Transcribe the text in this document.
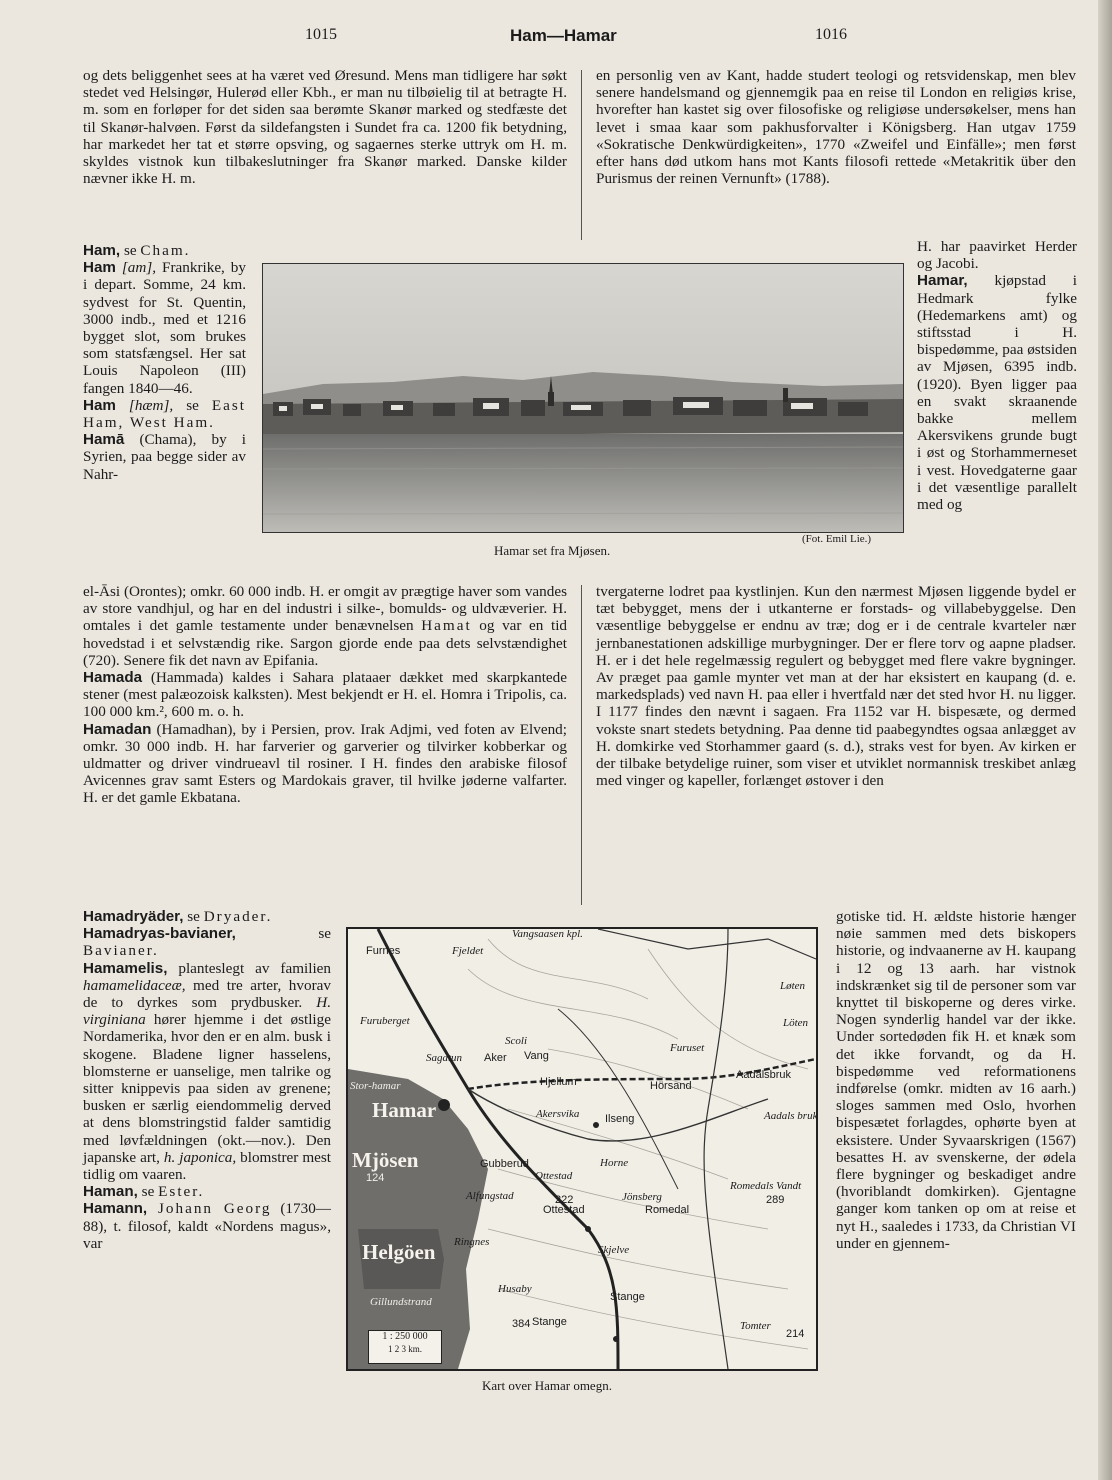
1015	Ham—Hamar	1016

og dets beliggenhet sees at ha været ved Øresund. Mens man tidligere har søkt stedet ved Helsingør, Hulerød eller Kbh., er man nu tilbøielig til at betragte H. m. som en forløper for det siden saa berømte Skanør marked og stedfæste det til Skanør-halvøen. Først da sildefangsten i Sundet fra ca. 1200 fik betydning, har markedet her tat et større opsving, og sagaernes sterke uttryk om H. m. skyldes vistnok kun tilbakeslutninger fra Skanør marked. Danske kilder nævner ikke H. m.

en personlig ven av Kant, hadde studert teologi og retsvidenskap, men blev senere handelsmand og gjennemgik paa en reise til London en religiøs krise, hvorefter han kastet sig over filosofiske og religiøse undersøkelser, mens han levet i smaa kaar som pakhusforvalter i Königsberg. Han utgav 1759 «Sokratische Denkwürdigkeiten», 1770 «Zweifel und Einfälle»; men først efter hans død utkom hans mot Kants filosofi rettede «Metakritik über den Purismus der reinen Vernunft» (1788).

Ham, se Cham.

Ham [am], Frankrike, by i depart. Somme, 24 km. sydvest for St. Quentin, 3000 indb., med et 1216 bygget slot, som brukes som statsfængsel. Her sat Louis Napoleon (III) fangen 1840—46.

Ham [hæm], se East Ham, West Ham.

Hamā (Chama), by i Syrien, paa begge sider av Nahr-

Hamar set fra Mjøsen.
(Fot. Emil Lie.)

H. har paavirket Herder og Jacobi.

Hamar, kjøpstad i Hedmark fylke (Hedemarkens amt) og stiftsstad i H. bispedømme, paa østsiden av Mjøsen, 6395 indb. (1920). Byen ligger paa en svakt skraanende bakke mellem Akersvikens grunde bugt i øst og Storhammerneset i vest. Hovedgaterne gaar i det væsentlige parallelt med og

el-Āsi (Orontes); omkr. 60 000 indb. H. er omgit av prægtige haver som vandes av store vandhjul, og har en del industri i silke-, bomulds- og uldvæverier. H. omtales i det gamle testamente under benævnelsen Hamat og var en tid hovedstad i et selvstændig rike. Sargon gjorde ende paa dets selvstændighet (720). Senere fik det navn av Epifania.

Hamada (Hammada) kaldes i Sahara plataaer dækket med skarpkantede stener (mest palæozoisk kalksten). Mest bekjendt er H. el. Homra i Tripolis, ca. 100 000 km.², 600 m. o. h.

Hamadan (Hamadhan), by i Persien, prov. Irak Adjmi, ved foten av Elvend; omkr. 30 000 indb. H. har farverier og garverier og tilvirker kobberkar og uldmatter og driver vindrueavl til rosiner. I H. findes den arabiske filosof Avicennes grav samt Esters og Mardokais graver, til hvilke jøderne valfarter. H. er det gamle Ekbatana.

tvergaterne lodret paa kystlinjen. Kun den nærmest Mjøsen liggende bydel er tæt bebygget, mens der i utkanterne er forstads- og villabebyggelse. Den væsentlige bebyggelse er endnu av træ; dog er i de centrale kvarteler nær jernbanestationen adskillige murbygninger. Der er flere torv og aapne pladser. H. er i det hele regelmæssig regulert og bebygget med flere vakre bygninger. Av præget paa gamle mynter vet man at der har eksistert en kaupang (d. e. markedsplads) ved navn H. paa eller i hvertfald nær det sted hvor H. nu ligger. I 1177 findes den nævnt i sagaen. Fra 1152 var H. bispesæte, og dermed vokste snart stedets betydning. Paa denne tid paabegyndtes ogsaa anlægget av H. domkirke ved Storhammer gaard (s. d.), straks vest for byen. Av kirken er der tilbake betydelige ruiner, som viser et utviklet normannisk treskibet anlæg med vinger og kapeller, forlænget østover i den

Hamadryäder, se Dryader.

Hamadryas-bavianer, se Bavianer.

Hamamelis, planteslegt av familien hamamelidaceæ, med tre arter, hvorav de to dyrkes som prydbusker. H. virginiana hører hjemme i det østlige Nordamerika, hvor den er en alm. busk i skogene. Bladene ligner hasselens, blomsterne er uanselige, men talrike og sitter knippevis paa siden av grenene; busken er særlig eiendommelig derved at dens blomstringstid falder samtidig med løvfældningen (okt.—nov.). Den japanske art, h. japonica, blomstrer mest tidlig om vaaren.

Haman, se Ester.

Hamann, Johann Georg (1730—88), t. filosof, kaldt «Nordens magus», var

Vangsaasen kpl.
Furnes
Løten
Löten
Furuberget
Scoli
Vang
Aker
Sagatun
Hjellum	Hörsand
Aadalsbruk
Stor-hamar
Hamar	Akersvika Ilseng	Aadals bruk
Mjösen
124
Horne
Gubberud
Ottestad
Romedals Vandt
289
Alfungstad	222	Jönsberg
Ottestad	Romedal
Helgöen Ringnes
Skjelve
Husaby
Stange
Gillundstrand
384 Stange	Tomter
214
Furuset
Fjeldet
1 : 250 000
1 2 3 km.
Kart over Hamar omegn.

gotiske tid. H. ældste historie hænger nøie sammen med dets biskopers historie, og indvaanerne av H. kaupang i 12 og 13 aarh. har vistnok indskrænket sig til de personer som var knyttet til biskoperne og deres virke. Nogen synderlig handel var der ikke. Under sortedøden fik H. et knæk som det ikke forvandt, og da H. bispedømme ved reformationens indførelse (omkr. midten av 16 aarh.) sloges sammen med Oslo, hvorhen bispesætet forlagdes, ophørte byen at eksistere. Under Syvaarskrigen (1567) besattes H. av svenskerne, der ødela flere bygninger og beskadiget andre (hvoriblandt domkirken). Gjentagne ganger kom tanken op om at reise et nyt H., saaledes i 1733, da Christian VI under en gjennem-
